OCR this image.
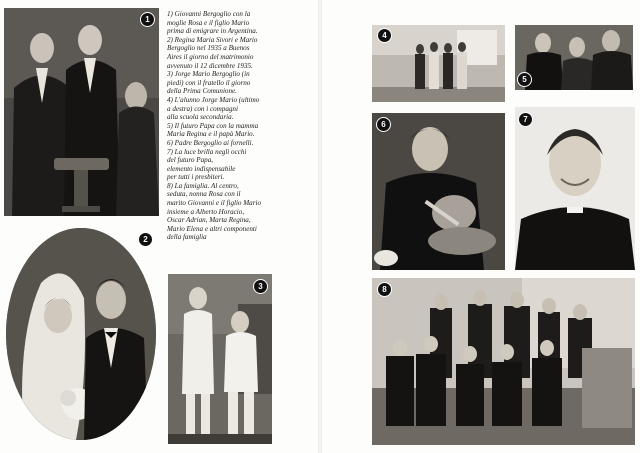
1

1) Giovanni Bergoglio con la

moglie Rosa e il figlio Mario

prima di emigrare in Argentina.

2) Regina Maria Sivori e Mario

Bergoglio nel 1935 a Buenos

Aires il giorno del matrimonio

avvenuto il 12 dicembre 1935.

3) Jorge Mario Bergoglio (in

piedi) con il fratello il giorno

della Prima Comunione.

4) L'alunno Jorge Mario (ultimo

a destra) con i compagni

alla scuola secondaria.

5) Il futuro Papa con la mamma

Maria Regina e il papà Mario.

6) Padre Bergoglio ai fornelli.

7) La luce brilla negli occhi

del futuro Papa,

elemento indispensabile

per tutti i presbiteri.

8) La famiglia. Al centro,

seduta, nonna Rosa con il

marito Giovanni e il figlio Mario

insieme a Alberto Horacio,

Oscar Adrian, Marta Regina,

Mario Elena e altri componenti

della famiglia

2
3
4
5
6
7
8
